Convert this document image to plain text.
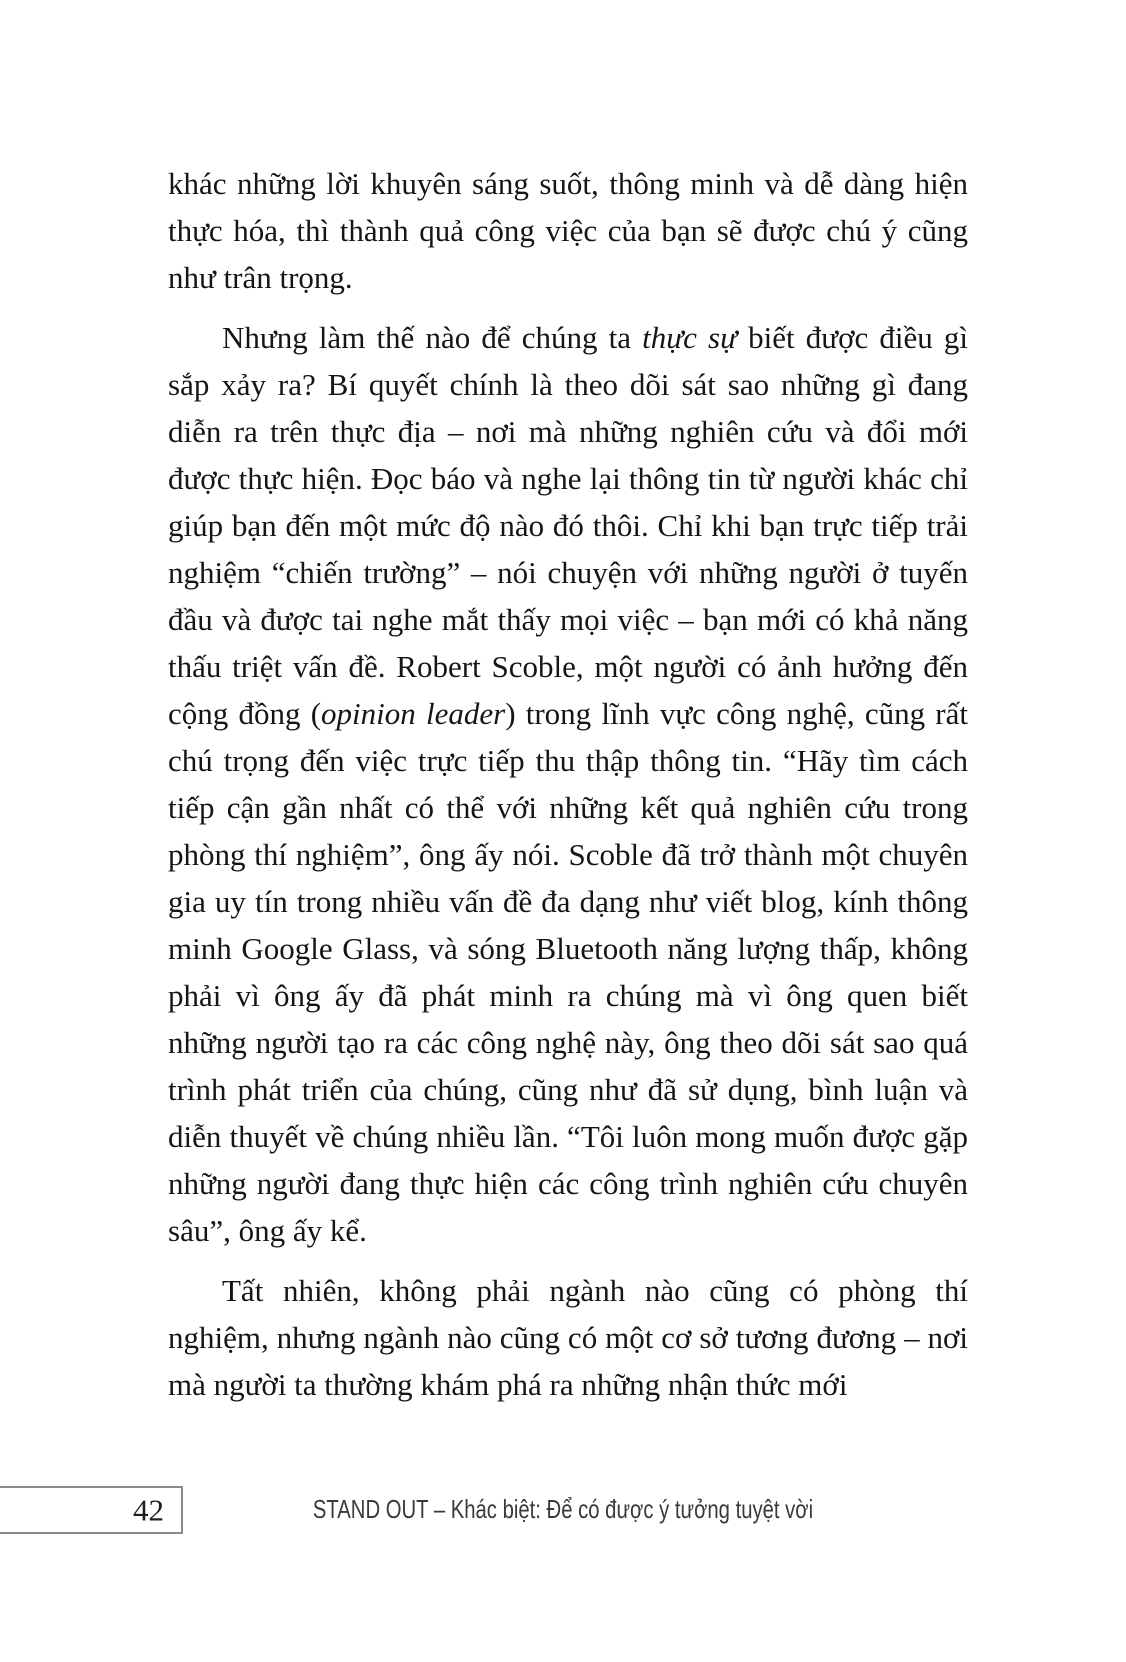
khác những lời khuyên sáng suốt, thông minh và dễ dàng hiện thực hóa, thì thành quả công việc của bạn sẽ được chú ý cũng như trân trọng.

Nhưng làm thế nào để chúng ta thực sự biết được điều gì sắp xảy ra? Bí quyết chính là theo dõi sát sao những gì đang diễn ra trên thực địa – nơi mà những nghiên cứu và đổi mới được thực hiện. Đọc báo và nghe lại thông tin từ người khác chỉ giúp bạn đến một mức độ nào đó thôi. Chỉ khi bạn trực tiếp trải nghiệm “chiến trường” – nói chuyện với những người ở tuyến đầu và được tai nghe mắt thấy mọi việc – bạn mới có khả năng thấu triệt vấn đề. Robert Scoble, một người có ảnh hưởng đến cộng đồng (opinion leader) trong lĩnh vực công nghệ, cũng rất chú trọng đến việc trực tiếp thu thập thông tin. “Hãy tìm cách tiếp cận gần nhất có thể với những kết quả nghiên cứu trong phòng thí nghiệm”, ông ấy nói. Scoble đã trở thành một chuyên gia uy tín trong nhiều vấn đề đa dạng như viết blog, kính thông minh Google Glass, và sóng Bluetooth năng lượng thấp, không phải vì ông ấy đã phát minh ra chúng mà vì ông quen biết những người tạo ra các công nghệ này, ông theo dõi sát sao quá trình phát triển của chúng, cũng như đã sử dụng, bình luận và diễn thuyết về chúng nhiều lần. “Tôi luôn mong muốn được gặp những người đang thực hiện các công trình nghiên cứu chuyên sâu”, ông ấy kể.

Tất nhiên, không phải ngành nào cũng có phòng thí nghiệm, nhưng ngành nào cũng có một cơ sở tương đương – nơi mà người ta thường khám phá ra những nhận thức mới

42	STAND OUT – Khác biệt: Để có được ý tưởng tuyệt vời
